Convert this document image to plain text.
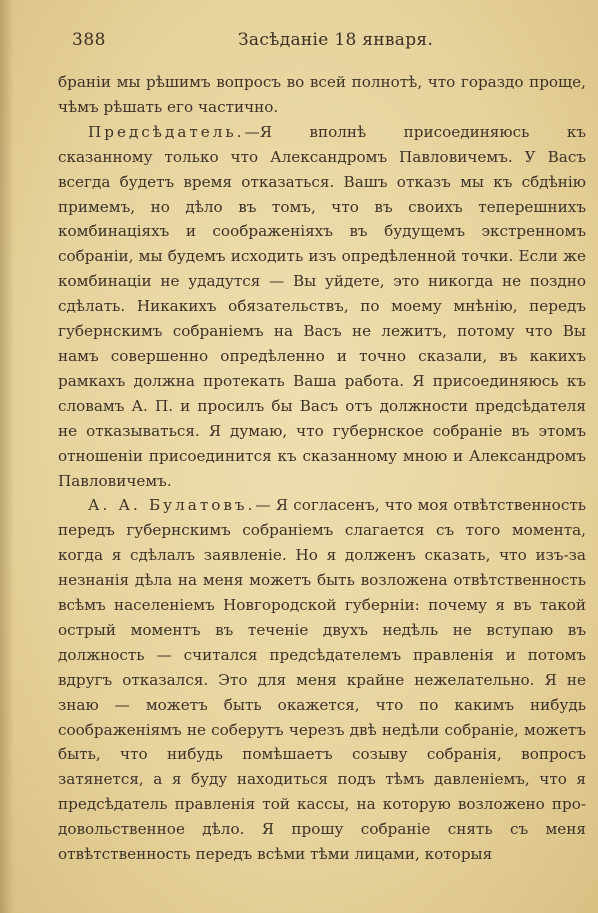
388	Засѣданіе 18 января.

браніи мы рѣшимъ вопросъ во всей полнотѣ, что гораздо проще, чѣмъ рѣшать его частично.

Предсѣдатель.—Я вполнѣ присоединяюсь къ сказанному только что Александромъ Павловичемъ. У Васъ всегда будетъ время отказаться. Вашъ отказъ мы къ сбдѣнію примемъ, но дѣло въ томъ, что въ своихъ теперешнихъ комбинаціяхъ и соображеніяхъ въ будущемъ экстренномъ собраніи, мы будемъ исходить изъ опредѣленной точки. Если же комбинаціи не удадутся — Вы уйдете, это никогда не поздно сдѣлать. Никакихъ обязательствъ, по моему мнѣнію, передъ губернскимъ собраніемъ на Васъ не лежитъ, потому что Вы намъ совершенно опредѣленно и точно сказали, въ какихъ рамкахъ должна протекать Ваша работа. Я присоединяюсь къ словамъ А. П. и просилъ бы Васъ отъ должности предсѣдателя не отказываться. Я думаю, что губернское собраніе въ этомъ отношеніи присоединится къ сказанному мною и Александромъ Павловичемъ.

А. А. Булатовъ.— Я согласенъ, что моя отвѣтственность передъ губернскимъ собраніемъ слагается съ того момента, когда я сдѣлалъ заявленіе. Но я долженъ сказать, что изъ-за незнанія дѣла на меня можетъ быть возложена отвѣтственность всѣмъ населеніемъ Новгородской губерніи: почему я въ такой острый моментъ въ теченіе двухъ недѣль не вступаю въ должность — считался предсѣдателемъ правленія и потомъ вдругъ отказался. Это для меня крайне нежелательно. Я не знаю — можетъ быть окажется, что по какимъ нибудь соображеніямъ не соберутъ черезъ двѣ недѣли собраніе, можетъ быть, что нибудь помѣшаетъ созыву собранія, вопросъ затянется, а я буду находиться подъ тѣмъ давленіемъ, что я предсѣдатель правленія той кассы, на которую возложено продовольственное дѣло. Я прошу собраніе снять съ меня отвѣтственность передъ всѣми тѣми лицами, которыя
